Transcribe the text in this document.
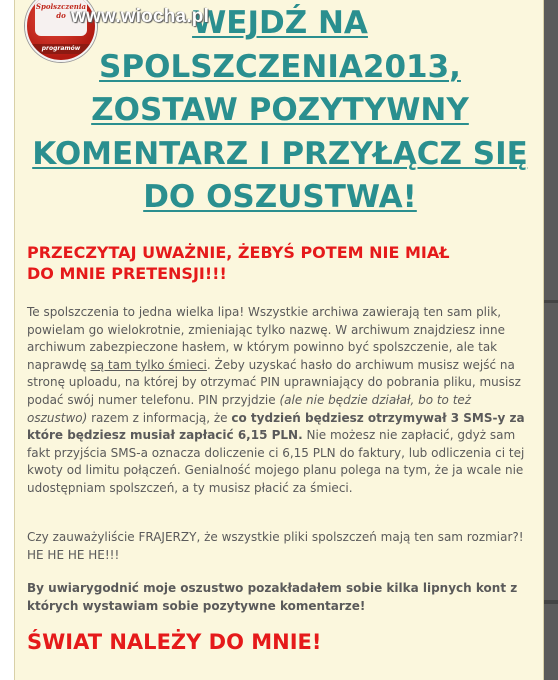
WEJDŹ NA
SPOLSZCZENIA2013,
ZOSTAW POZYTYWNY
KOMENTARZ I PRZYŁĄCZ SIĘ
DO OSZUSTWA!
Spolszczenia
do
programów
www.wiocha.pl
PRZECZYTAJ UWAŻNIE, ŻEBYŚ POTEM NIE MIAŁ
DO MNIE PRETENSJI!!!

Te spolszczenia to jedna wielka lipa! Wszystkie archiwa zawierają ten sam plik, powielam go wielokrotnie, zmieniając tylko nazwę. W archiwum znajdziesz inne archiwum zabezpieczone hasłem, w którym powinno być spolszczenie, ale tak naprawdę są tam tylko śmieci. Żeby uzyskać hasło do archiwum musisz wejść na stronę uploadu, na której by otrzymać PIN uprawniający do pobrania pliku, musisz podać swój numer telefonu. PIN przyjdzie (ale nie będzie działał, bo to też oszustwo) razem z informacją, że co tydzień będziesz otrzymywał 3 SMS-y za które będziesz musiał zapłacić 6,15 PLN. Nie możesz nie zapłacić, gdyż sam fakt przyjścia SMS-a oznacza doliczenie ci 6,15 PLN do faktury, lub odliczenia ci tej kwoty od limitu połączeń. Genialność mojego planu polega na tym, że ja wcale nie udostępniam spolszczeń, a ty musisz płacić za śmieci.

Czy zauważyliście FRAJERZY, że wszystkie pliki spolszczeń mają ten sam rozmiar?! HE HE HE HE!!!
By uwiarygodnić moje oszustwo pozakładałem sobie kilka lipnych kont z których wystawiam sobie pozytywne komentarze!
ŚWIAT NALEŻY DO MNIE!
